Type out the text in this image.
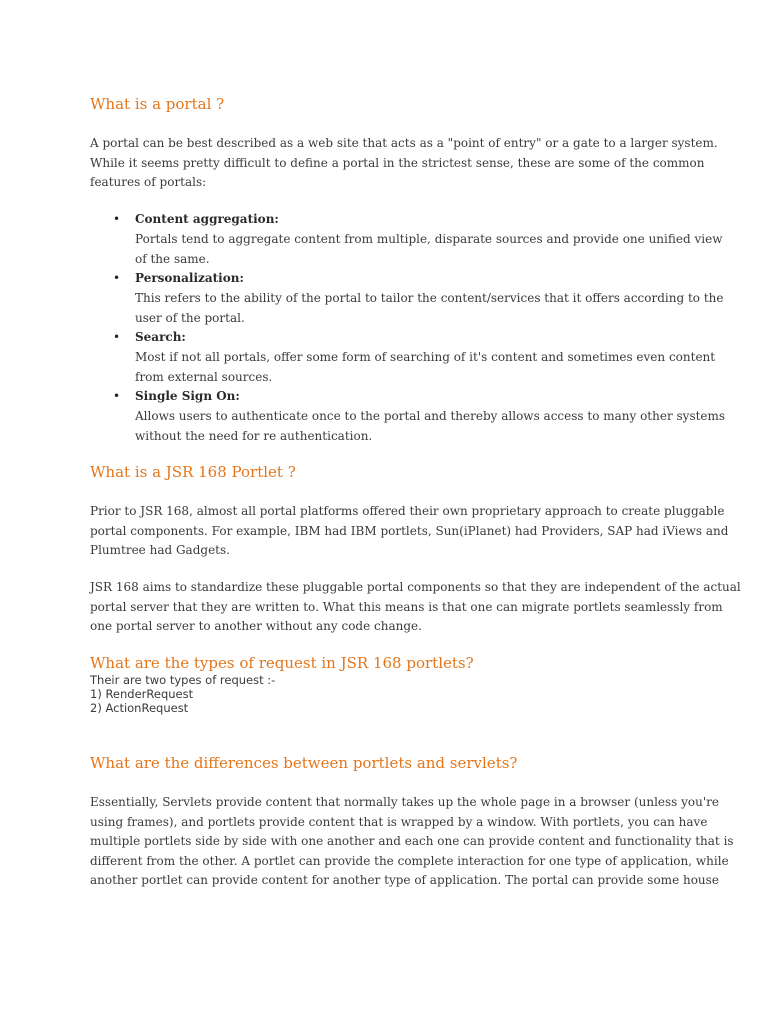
What is a portal ?
A portal can be best described as a web site that acts as a "point of entry" or a gate to a larger system.
While it seems pretty difficult to define a portal in the strictest sense, these are some of the common
features of portals:
• Content aggregation:
Portals tend to aggregate content from multiple, disparate sources and provide one unified view
of the same.
• Personalization:
This refers to the ability of the portal to tailor the content/services that it offers according to the
user of the portal.
• Search:
Most if not all portals, offer some form of searching of it's content and sometimes even content
from external sources.
• Single Sign On:
Allows users to authenticate once to the portal and thereby allows access to many other systems
without the need for re authentication.
What is a JSR 168 Portlet ?
Prior to JSR 168, almost all portal platforms offered their own proprietary approach to create pluggable
portal components. For example, IBM had IBM portlets, Sun(iPlanet) had Providers, SAP had iViews and
Plumtree had Gadgets.
JSR 168 aims to standardize these pluggable portal components so that they are independent of the actual
portal server that they are written to. What this means is that one can migrate portlets seamlessly from
one portal server to another without any code change.
What are the types of request in JSR 168 portlets?
Their are two types of request :-
1) RenderRequest
2) ActionRequest
What are the differences between portlets and servlets?
Essentially, Servlets provide content that normally takes up the whole page in a browser (unless you're
using frames), and portlets provide content that is wrapped by a window. With portlets, you can have
multiple portlets side by side with one another and each one can provide content and functionality that is
different from the other. A portlet can provide the complete interaction for one type of application, while
another portlet can provide content for another type of application. The portal can provide some house
